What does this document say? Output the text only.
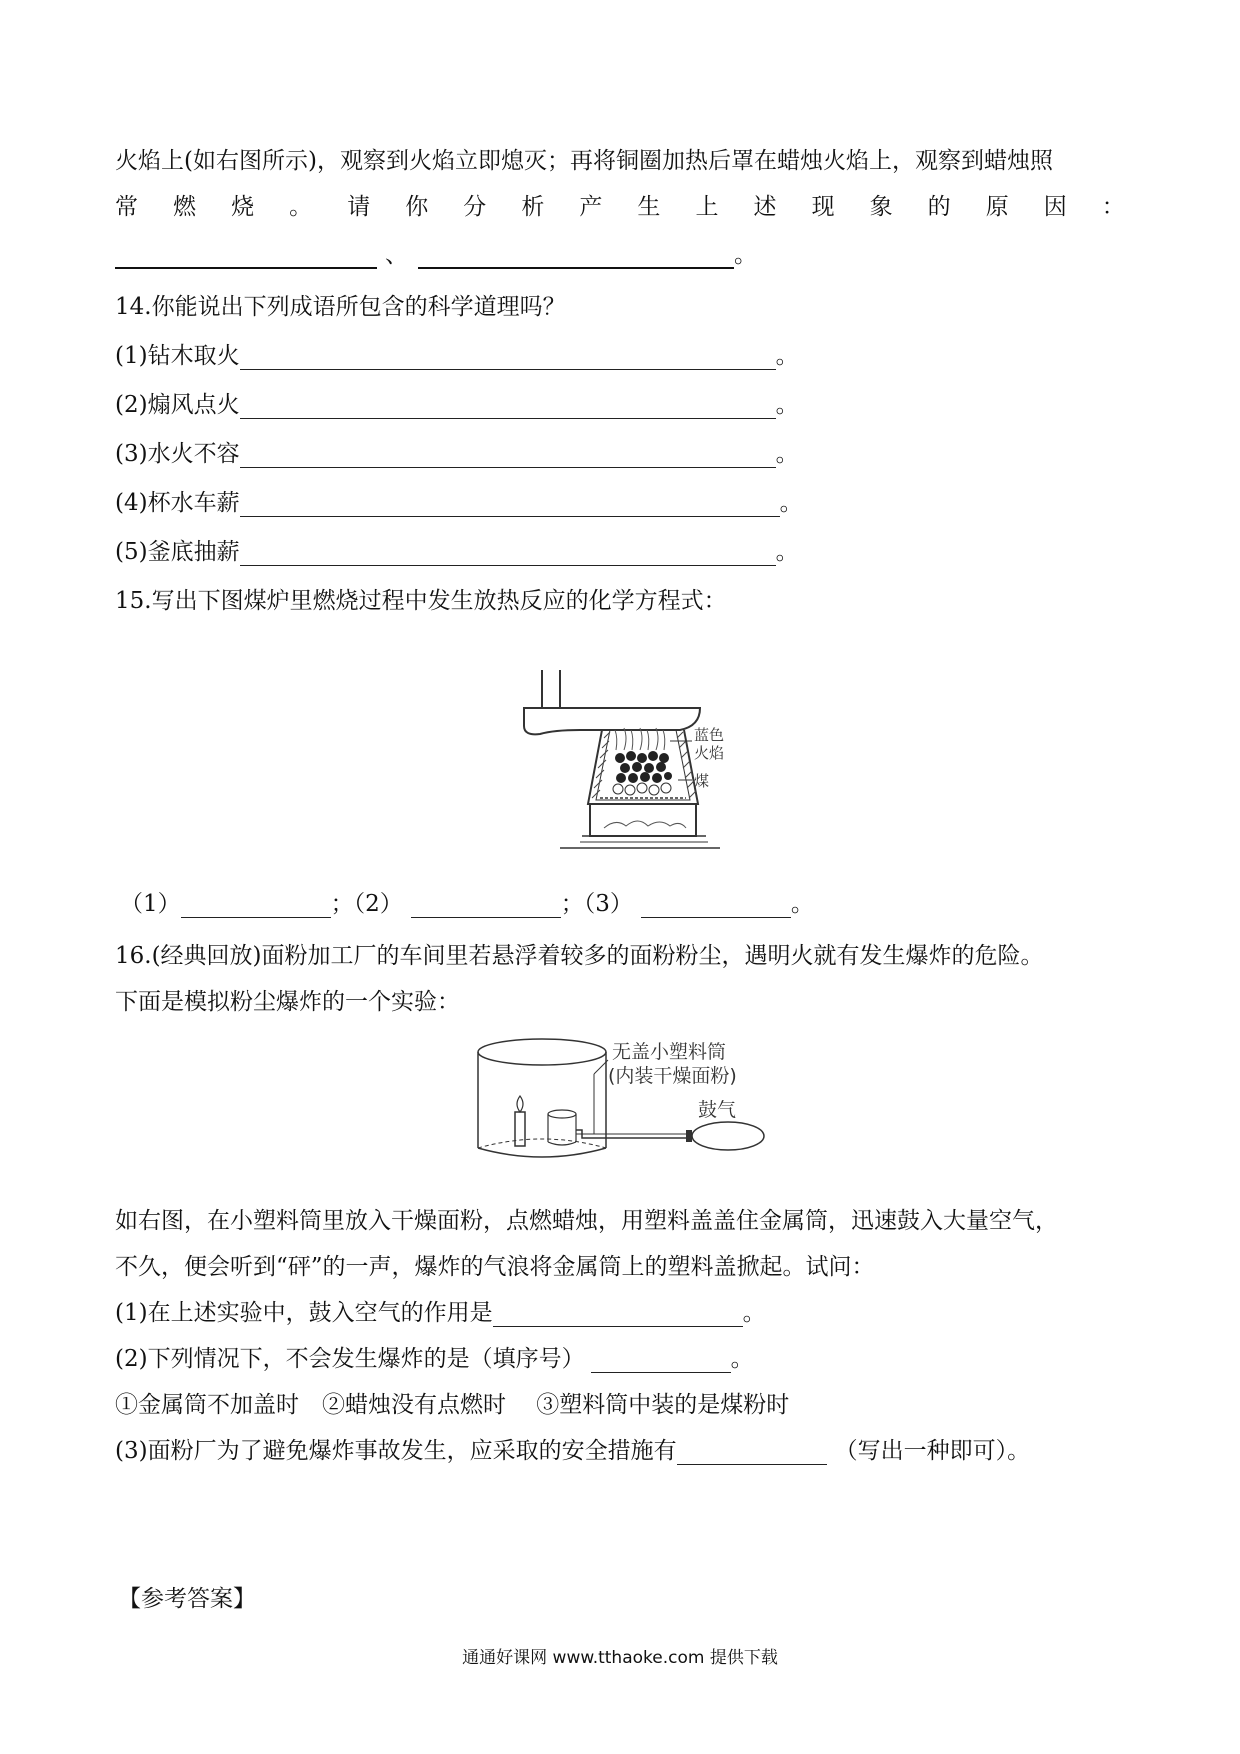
火焰上(如右图所示)，观察到火焰立即熄灭；再将铜圈加热后罩在蜡烛火焰上，观察到蜡烛照
常 燃 烧 。 请 你 分 析 产 生 上 述 现 象 的 原 因 ：
、	。
14.你能说出下列成语所包含的科学道理吗？
(1)钻木取火	。
(2)煽风点火	。
(3)水火不容	。
(4)杯水车薪	。
(5)釜底抽薪	。
15.写出下图煤炉里燃烧过程中发生放热反应的化学方程式：
蓝色
火焰
煤
（1）	；（2）	；（3）	。
16.(经典回放)面粉加工厂的车间里若悬浮着较多的面粉粉尘，遇明火就有发生爆炸的危险。
下面是模拟粉尘爆炸的一个实验：
无盖小塑料筒
(内装干燥面粉)
鼓气
如右图，在小塑料筒里放入干燥面粉，点燃蜡烛，用塑料盖盖住金属筒，迅速鼓入大量空气，
不久，便会听到“砰”的一声，爆炸的气浪将金属筒上的塑料盖掀起。试问：
(1)在上述实验中，鼓入空气的作用是	。
(2)下列情况下，不会发生爆炸的是（填序号）	。
①金属筒不加盖时　②蜡烛没有点燃时　 ③塑料筒中装的是煤粉时
(3)面粉厂为了避免爆炸事故发生，应采取的安全措施有	（写出一种即可）。
【参考答案】
通通好课网 www.tthaoke.com 提供下载
